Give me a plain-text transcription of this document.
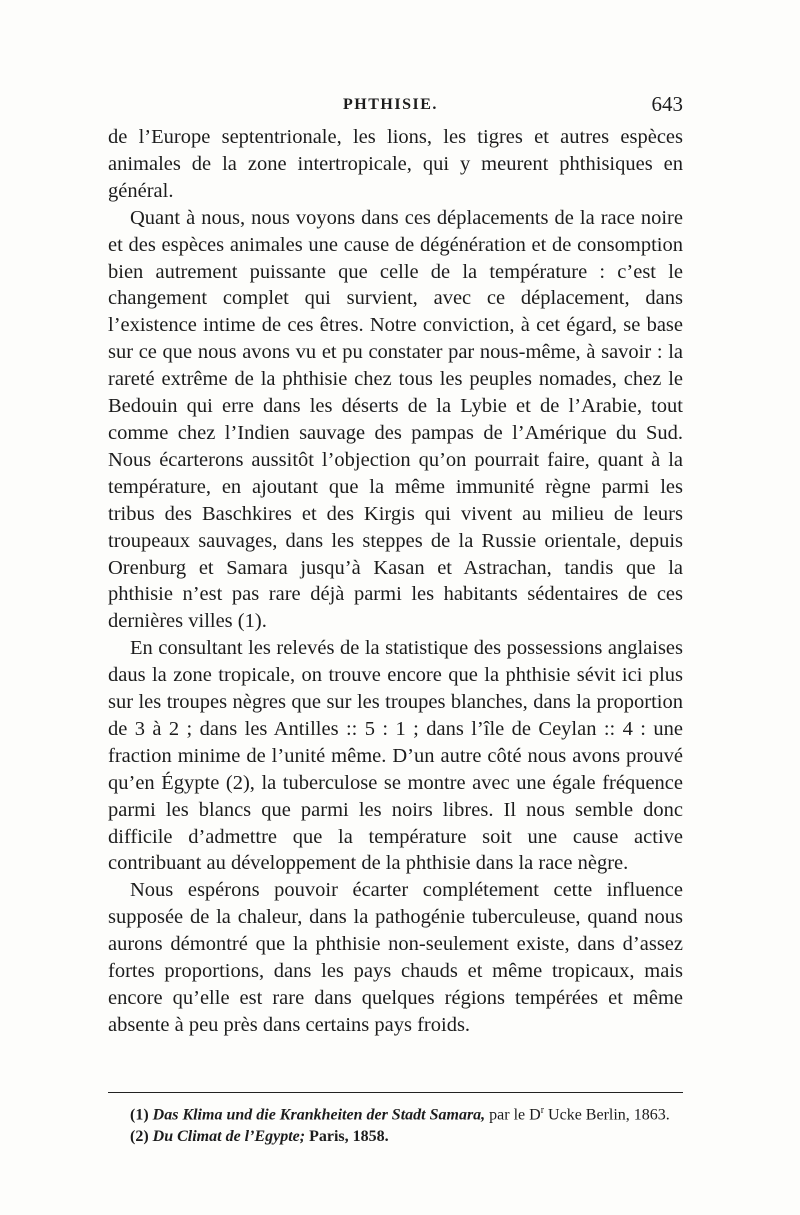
PHTHISIE.	643

de l’Europe septentrionale, les lions, les tigres et autres espèces animales de la zone intertropicale, qui y meurent phthisiques en général.

Quant à nous, nous voyons dans ces déplacements de la race noire et des espèces animales une cause de dégénération et de consomption bien autrement puissante que celle de la température : c’est le changement complet qui survient, avec ce déplacement, dans l’existence intime de ces êtres. Notre conviction, à cet égard, se base sur ce que nous avons vu et pu constater par nous-même, à savoir : la rareté extrême de la phthisie chez tous les peuples nomades, chez le Bedouin qui erre dans les déserts de la Lybie et de l’Arabie, tout comme chez l’Indien sauvage des pampas de l’Amérique du Sud. Nous écarterons aussitôt l’objection qu’on pourrait faire, quant à la température, en ajoutant que la même immunité règne parmi les tribus des Baschkires et des Kirgis qui vivent au milieu de leurs troupeaux sauvages, dans les steppes de la Russie orientale, depuis Orenburg et Samara jusqu’à Kasan et Astrachan, tandis que la phthisie n’est pas rare déjà parmi les habitants sédentaires de ces dernières villes (1).

En consultant les relevés de la statistique des possessions anglaises daus la zone tropicale, on trouve encore que la phthisie sévit ici plus sur les troupes nègres que sur les troupes blanches, dans la proportion de 3 à 2 ; dans les Antilles :: 5 : 1 ; dans l’île de Ceylan :: 4 : une fraction minime de l’unité même. D’un autre côté nous avons prouvé qu’en Égypte (2), la tuberculose se montre avec une égale fréquence parmi les blancs que parmi les noirs libres. Il nous semble donc difficile d’admettre que la température soit une cause active contribuant au développement de la phthisie dans la race nègre.

Nous espérons pouvoir écarter complétement cette influence supposée de la chaleur, dans la pathogénie tuberculeuse, quand nous aurons démontré que la phthisie non-seulement existe, dans d’assez fortes proportions, dans les pays chauds et même tropicaux, mais encore qu’elle est rare dans quelques régions tempérées et même absente à peu près dans certains pays froids.

(1) Das Klima und die Krankheiten der Stadt Samara, par le $D^r$ Ucke Berlin, 1863.

(2) Du Climat de l’Egypte; Paris, 1858.
